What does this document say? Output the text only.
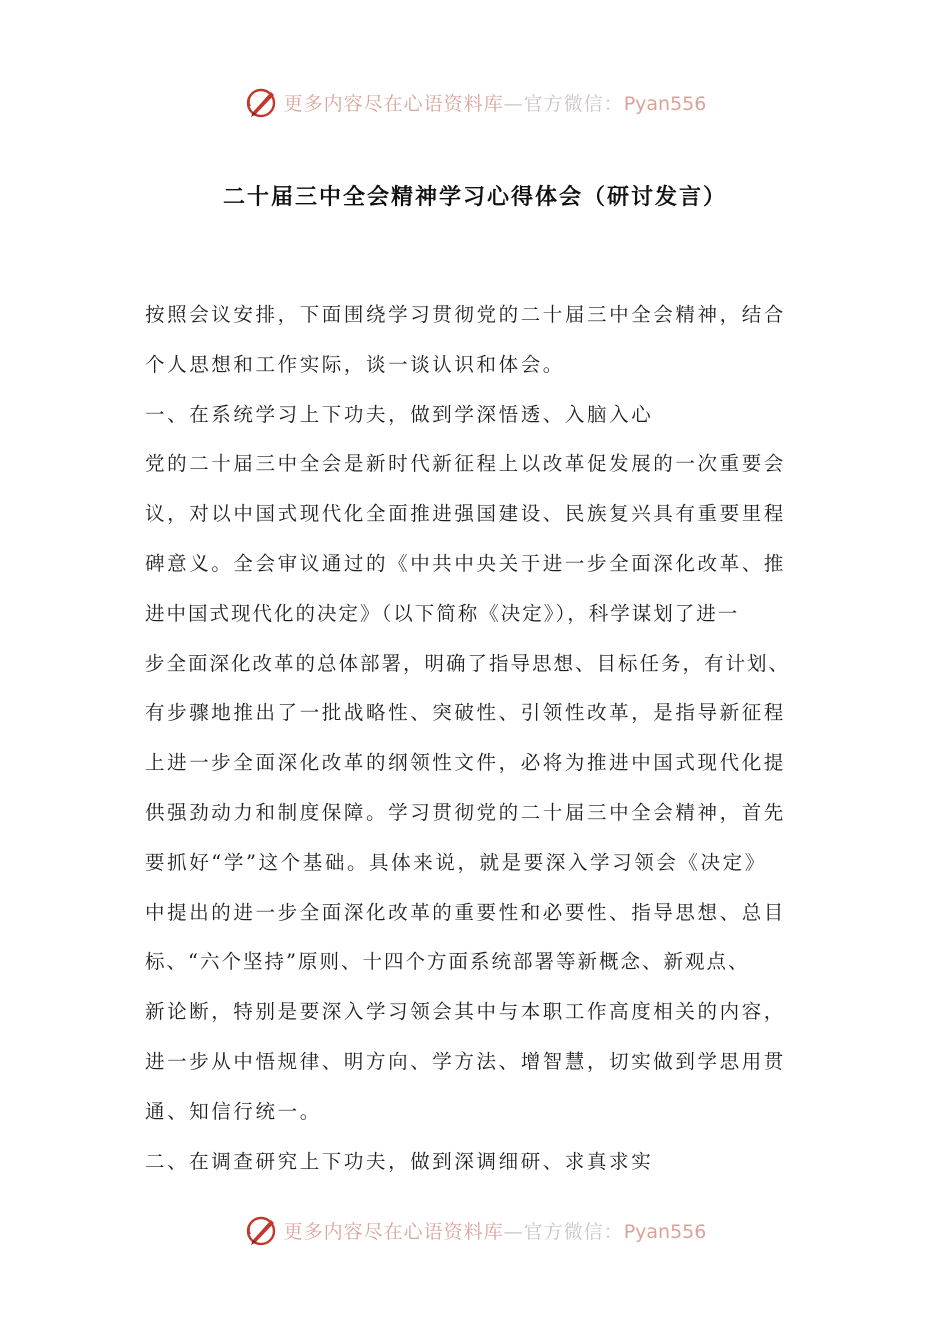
更多内容尽在心语资料库—官方微信：Pyan556
二十届三中全会精神学习心得体会（研讨发言）
按照会议安排，下面围绕学习贯彻党的二十届三中全会精神，结合
个人思想和工作实际，谈一谈认识和体会。
一、在系统学习上下功夫，做到学深悟透、入脑入心
党的二十届三中全会是新时代新征程上以改革促发展的一次重要会
议，对以中国式现代化全面推进强国建设、民族复兴具有重要里程
碑意义。全会审议通过的《中共中央关于进一步全面深化改革、推
进中国式现代化的决定》（以下简称《决定》），科学谋划了进一
步全面深化改革的总体部署，明确了指导思想、目标任务，有计划、
有步骤地推出了一批战略性、突破性、引领性改革，是指导新征程
上进一步全面深化改革的纲领性文件，必将为推进中国式现代化提
供强劲动力和制度保障。学习贯彻党的二十届三中全会精神，首先
要抓好“学”这个基础。具体来说，就是要深入学习领会《决定》
中提出的进一步全面深化改革的重要性和必要性、指导思想、总目
标、“六个坚持”原则、十四个方面系统部署等新概念、新观点、
新论断，特别是要深入学习领会其中与本职工作高度相关的内容，
进一步从中悟规律、明方向、学方法、增智慧，切实做到学思用贯
通、知信行统一。
二、在调查研究上下功夫，做到深调细研、求真求实
更多内容尽在心语资料库—官方微信：Pyan556
